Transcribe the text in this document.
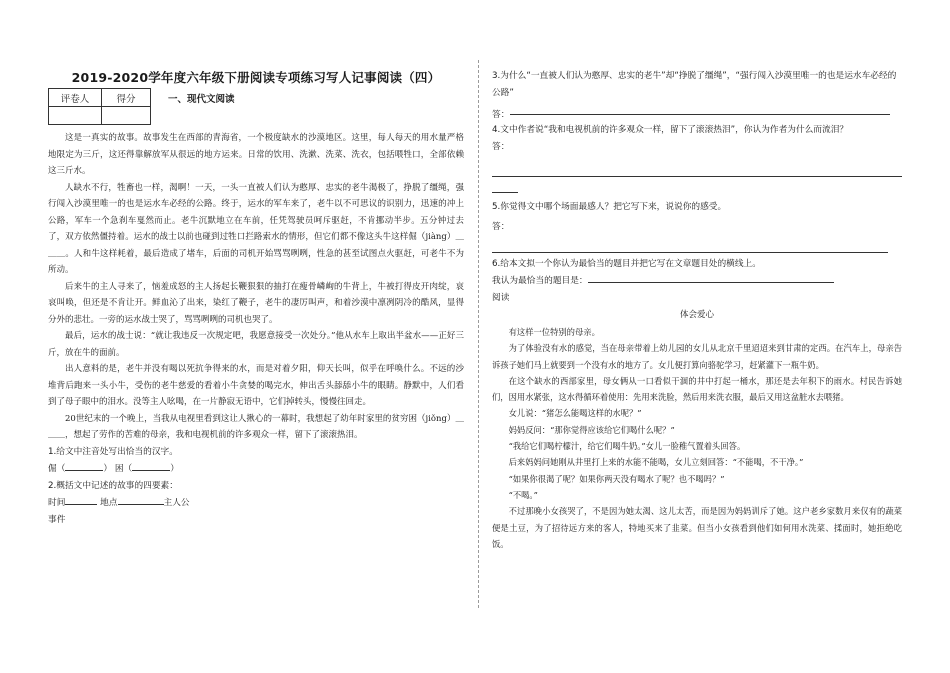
2019-2020学年度六年级下册阅读专项练习写人记事阅读（四）
评卷人	得分
		一、现代文阅读

这是一真实的故事。故事发生在西部的青海省，一个极度缺水的沙漠地区。这里，每人每天的用水量严格地限定为三斤，这还得靠解放军从很远的地方运来。日常的饮用、洗漱、洗菜、洗衣，包括喂牲口，全部依赖这三斤水。

人缺水不行，牲畜也一样，渴啊！一天，一头一直被人们认为憨厚、忠实的老牛渴极了，挣脱了缰绳，强行闯入沙漠里唯一的也是运水车必经的公路。终于，运水的军车来了，老牛以不可思议的识别力，迅速的冲上公路，军车一个急刹车戛然而止。老牛沉默地立在车前，任凭驾驶员呵斥驱赶，不肯挪动半步。五分钟过去了，双方依然僵持着。运水的战士以前也碰到过牲口拦路索水的情形，但它们都不像这头牛这样倔（jiàng）＿＿＿。人和牛这样耗着，最后造成了堵车，后面的司机开始骂骂咧咧，性急的甚至试图点火驱赶，可老牛不为所动。

后来牛的主人寻来了，恼羞成怒的主人扬起长鞭狠狠的抽打在瘦骨嶙峋的牛背上，牛被打得皮开肉绽，哀哀叫唤，但还是不肯让开。鲜血沁了出来，染红了鞭子，老牛的凄厉叫声，和着沙漠中凛冽阴冷的酷风，显得分外的悲壮。一旁的运水战士哭了，骂骂咧咧的司机也哭了。

最后，运水的战士说：“就让我违反一次规定吧，我愿意接受一次处分。”他从水车上取出半盆水——正好三斤，放在牛的面前。

出人意料的是，老牛并没有喝以死抗争得来的水，而是对着夕阳，仰天长叫，似乎在呼唤什么。不远的沙堆背后跑来一头小牛，受伤的老牛慈爱的看着小牛贪婪的喝完水，伸出舌头舔舔小牛的眼睛。静默中，人们看到了母子眼中的泪水。没等主人吆喝，在一片静寂无语中，它们掉转头，慢慢往回走。

20世纪末的一个晚上，当我从电视里看到这让人揪心的一幕时，我想起了幼年时家里的贫穷困（jiǒng）＿＿＿，想起了劳作的苦难的母亲，我和电视机前的许多观众一样，留下了滚滚热泪。

1.给文中注音处写出恰当的汉字。

倔（	） 困（	）

2.概括文中记述的故事的四要素：

时间	地点	主人公

事件

3.为什么“一直被人们认为憨厚、忠实的老牛”却“挣脱了缰绳”，“强行闯入沙漠里唯一的也是运水车必经的公路”

答：

4.文中作者说“我和电视机前的许多观众一样，留下了滚滚热泪”，你认为作者为什么而流泪？

答：

5.你觉得文中哪个场面最感人？把它写下来，说说你的感受。

答：

6.给本文拟一个你认为最恰当的题目并把它写在文章题目处的横线上。

我认为最恰当的题目是：

阅读

体会爱心

有这样一位特别的母亲。

为了体验没有水的感觉，当在母亲带着上幼儿园的女儿从北京千里迢迢来到甘肃的定西。在汽车上，母亲告诉孩子她们马上就要到一个没有水的地方了。女儿便打算向骆驼学习，赶紧灌下一瓶牛奶。

在这个缺水的西部家里，母女俩从一口看似干涸的井中打起一桶水，那还是去年积下的雨水。村民告诉她们，因用水紧张，这水得循环着使用：先用来洗脸，然后用来洗衣服，最后又用这盆脏水去喂猪。

女儿说：“猪怎么能喝这样的水呢？”

妈妈反问：“那你觉得应该给它们喝什么呢？”

“我给它们喝柠檬汁，给它们喝牛奶。”女儿一脸稚气置着头回答。

后来妈妈问她刚从井里打上来的水能不能喝，女儿立刻回答：“不能喝，不干净。”

“如果你很渴了呢？如果你两天没有喝水了呢？也不喝吗？”

“不喝。”

不过那晚小女孩哭了，不是因为她太渴、这儿太苦，而是因为妈妈训斥了她。这户老乡家数月来仅有的蔬菜便是土豆，为了招待远方来的客人，特地买来了韭菜。但当小女孩看到他们如何用水洗菜、揉面时，她拒绝吃饭。
